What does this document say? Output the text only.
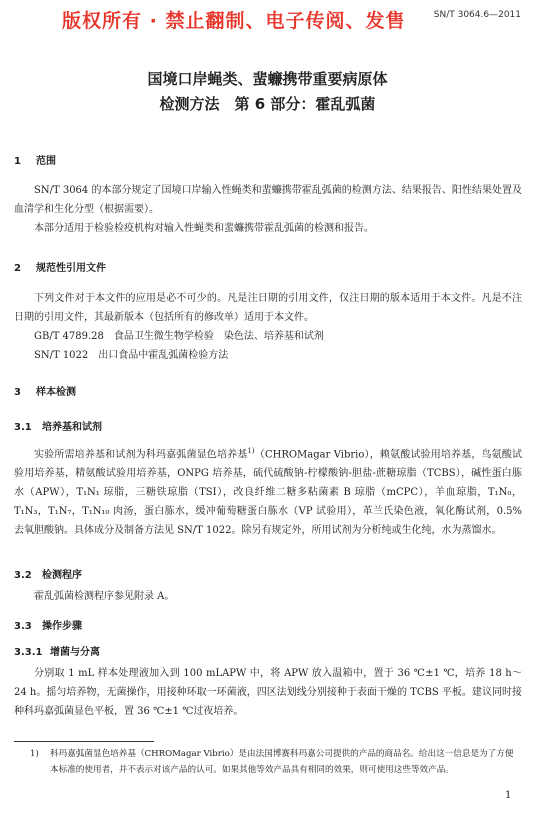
版权所有 · 禁止翻制、电子传阅、发售	SN/T 3064.6—2011
国境口岸蝇类、蜚蠊携带重要病原体
检测方法　第 6 部分：霍乱弧菌
1 范围

SN/T 3064 的本部分规定了国境口岸输入性蝇类和蜚蠊携带霍乱弧菌的检测方法、结果报告、阳性结果处置及血清学和生化分型（根据需要）。

本部分适用于检验检疫机构对输入性蝇类和蜚蠊携带霍乱弧菌的检测和报告。

2 规范性引用文件

下列文件对于本文件的应用是必不可少的。凡是注日期的引用文件，仅注日期的版本适用于本文件。凡是不注日期的引用文件，其最新版本（包括所有的修改单）适用于本文件。

GB/T 4789.28　食品卫生微生物学检验　染色法、培养基和试剂
SN/T 1022　出口食品中霍乱弧菌检验方法
3 样本检测
3.1 培养基和试剂

实验所需培养基和试剂为科玛嘉弧菌显色培养基$^{1)}$（CHROMagar Vibrio），赖氨酸试验用培养基，鸟氨酸试验用培养基，精氨酸试验用培养基，ONPG 培养基，硫代硫酸钠-柠檬酸钠-胆盐-蔗糖琼脂（TCBS），碱性蛋白胨水（APW），T₁N₁ 琼脂，三糖铁琼脂（TSI），改良纤维二糖多粘菌素 B 琼脂（mCPC），羊血琼脂，T₁N₀，T₁N₃，T₁N₇，T₁N₁₀ 肉汤，蛋白胨水，缓冲葡萄糖蛋白胨水（VP 试验用），革兰氏染色液，氧化酶试剂，0.5% 去氧胆酸钠。具体成分及制备方法见 SN/T 1022。除另有规定外，所用试剂为分析纯或生化纯，水为蒸馏水。

3.2 检测程序

霍乱弧菌检测程序参见附录 A。

3.3 操作步骤
3.3.1 增菌与分离

分别取 1 mL 样本处理液加入到 100 mLAPW 中，将 APW 放入温箱中，置于 36 ℃±1 ℃，培养 18 h～24 h。摇匀培养物，无菌操作，用接种环取一环菌液，四区法划线分别接种于表面干燥的 TCBS 平板。建议同时接种科玛嘉弧菌显色平板，置 36 ℃±1 ℃过夜培养。

1) 科玛嘉弧菌显色培养基（CHROMagar Vibrio）是由法国博赛科玛嘉公司提供的产品的商品名。给出这一信息是为了方便本标准的使用者，并不表示对该产品的认可。如果其他等效产品具有相同的效果，则可使用这些等效产品。
1
